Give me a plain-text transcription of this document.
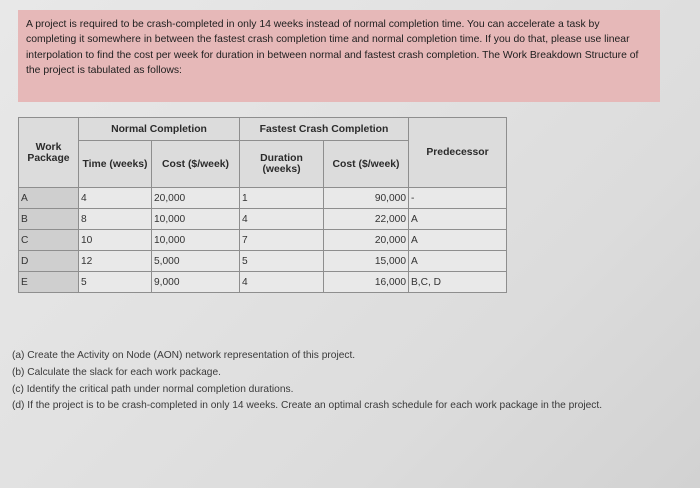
A project is required to be crash-completed in only 14 weeks instead of normal completion time. You can accelerate a task by completing it somewhere in between the fastest crash completion time and normal completion time. If you do that, please use linear interpolation to find the cost per week for duration in between normal and fastest crash completion. The Work Breakdown Structure of the project is tabulated as follows:
Work Package	Normal Completion		Fastest Crash Completion		Predecessor
	Time (weeks)	Cost ($/week)	Duration (weeks)	Cost ($/week)	
A	4	20,000	1	90,000	-
B	8	10,000	4	22,000	A
C	10	10,000	7	20,000	A
D	12	5,000	5	15,000	A
E	5	9,000	4	16,000	B,C, D

(a) Create the Activity on Node (AON) network representation of this project.

(b) Calculate the slack for each work package.

(c) Identify the critical path under normal completion durations.

(d) If the project is to be crash-completed in only 14 weeks. Create an optimal crash schedule for each work package in the project.
